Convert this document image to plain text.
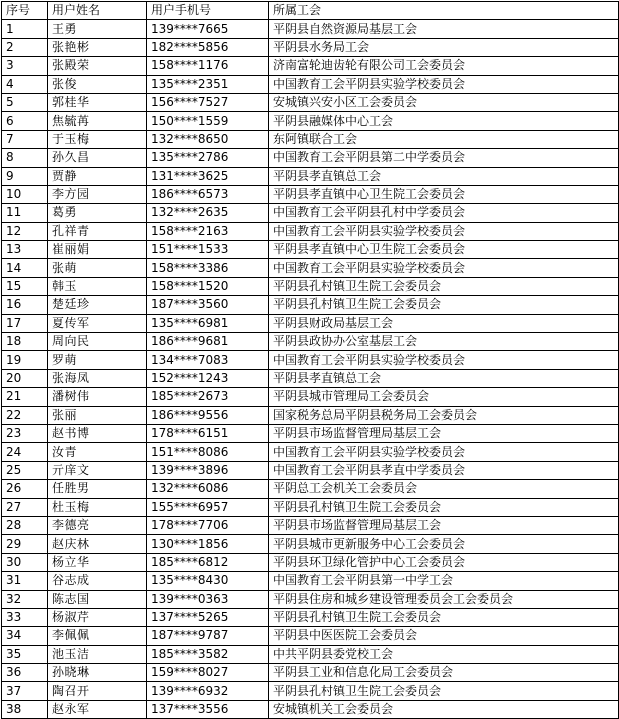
序号	用户姓名	用户手机号	所属工会
1	王勇	139****7665	平阴县自然资源局基层工会
2	张艳彬	182****5856	平阴县水务局工会
3	张殿荣	158****1176	济南富轮迪齿轮有限公司工会委员会
4	张俊	135****2351	中国教育工会平阴县实验学校委员会
5	郭桂华	156****7527	安城镇兴安小区工会委员会
6	焦毓苒	150****1559	平阴县融媒体中心工会
7	于玉梅	132****8650	东阿镇联合工会
8	孙久昌	135****2786	中国教育工会平阴县第二中学委员会
9	贾静	131****3625	平阴县孝直镇总工会
10	李方园	186****6573	平阴县孝直镇中心卫生院工会委员会
11	葛勇	132****2635	中国教育工会平阴县孔村中学委员会
12	孔祥青	158****2163	中国教育工会平阴县实验学校委员会
13	崔丽娟	151****1533	平阴县孝直镇中心卫生院工会委员会
14	张萌	158****3386	中国教育工会平阴县实验学校委员会
15	韩玉	158****1520	平阴县孔村镇卫生院工会委员会
16	楚廷珍	187****3560	平阴县孔村镇卫生院工会委员会
17	夏传军	135****6981	平阴县财政局基层工会
18	周向民	186****9681	平阴县政协办公室基层工会
19	罗萌	134****7083	中国教育工会平阴县实验学校委员会
20	张海凤	152****1243	平阴县孝直镇总工会
21	潘树伟	185****2673	平阴县城市管理局工会委员会
22	张丽	186****9556	国家税务总局平阴县税务局工会委员会
23	赵书博	178****6151	平阴县市场监督管理局基层工会
24	汝青	151****8086	中国教育工会平阴县实验学校委员会
25	亓庠文	139****3896	中国教育工会平阴县孝直中学委员会
26	任胜男	132****6086	平阴总工会机关工会委员会
27	杜玉梅	155****6957	平阴县孔村镇卫生院工会委员会
28	李德亮	178****7706	平阴县市场监督管理局基层工会
29	赵庆林	130****1856	平阴县城市更新服务中心工会委员会
30	杨立华	185****6812	平阴县环卫绿化管护中心工会委员会
31	谷志成	135****8430	中国教育工会平阴县第一中学工会
32	陈志国	139****0363	平阴县住房和城乡建设管理委员会工会委员会
33	杨淑芹	137****5265	平阴县孔村镇卫生院工会委员会
34	李佩佩	187****9787	平阴县中医医院工会委员会
35	池玉洁	185****3582	中共平阴县委党校工会
36	孙晓琳	159****8027	平阴县工业和信息化局工会委员会
37	陶召开	139****6932	平阴县孔村镇卫生院工会委员会
38	赵永军	137****3556	安城镇机关工会委员会
